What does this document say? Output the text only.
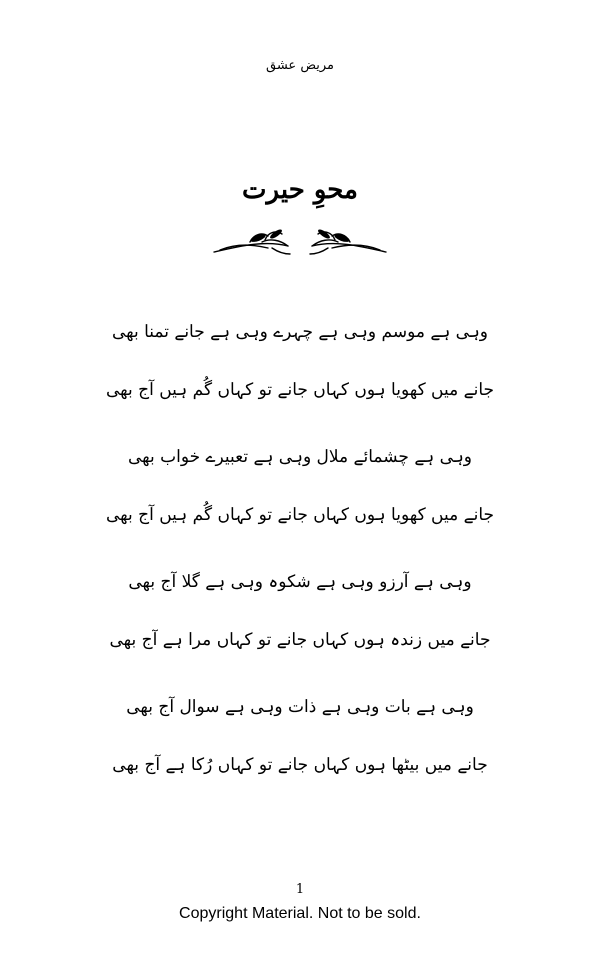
مریض عشق
محوِ حیرت
وہی ہے موسم وہی ہے چہرے وہی ہے جانے تمنا بھی
جانے میں کھویا ہوں کہاں جانے تو کہاں گُم ہیں آج بھی
وہی ہے چشمائے ملال وہی ہے تعبیرے خواب بھی
جانے میں کھویا ہوں کہاں جانے تو کہاں گُم ہیں آج بھی
وہی ہے آرزو وہی ہے شکوہ وہی ہے گلا آج بھی
جانے میں زندہ ہوں کہاں جانے تو کہاں مرا ہے آج بھی
وہی ہے بات وہی ہے ذات وہی ہے سوال آج بھی
جانے میں بیٹھا ہوں کہاں جانے تو کہاں رُکا ہے آج بھی
1
Copyright Material. Not to be sold.
